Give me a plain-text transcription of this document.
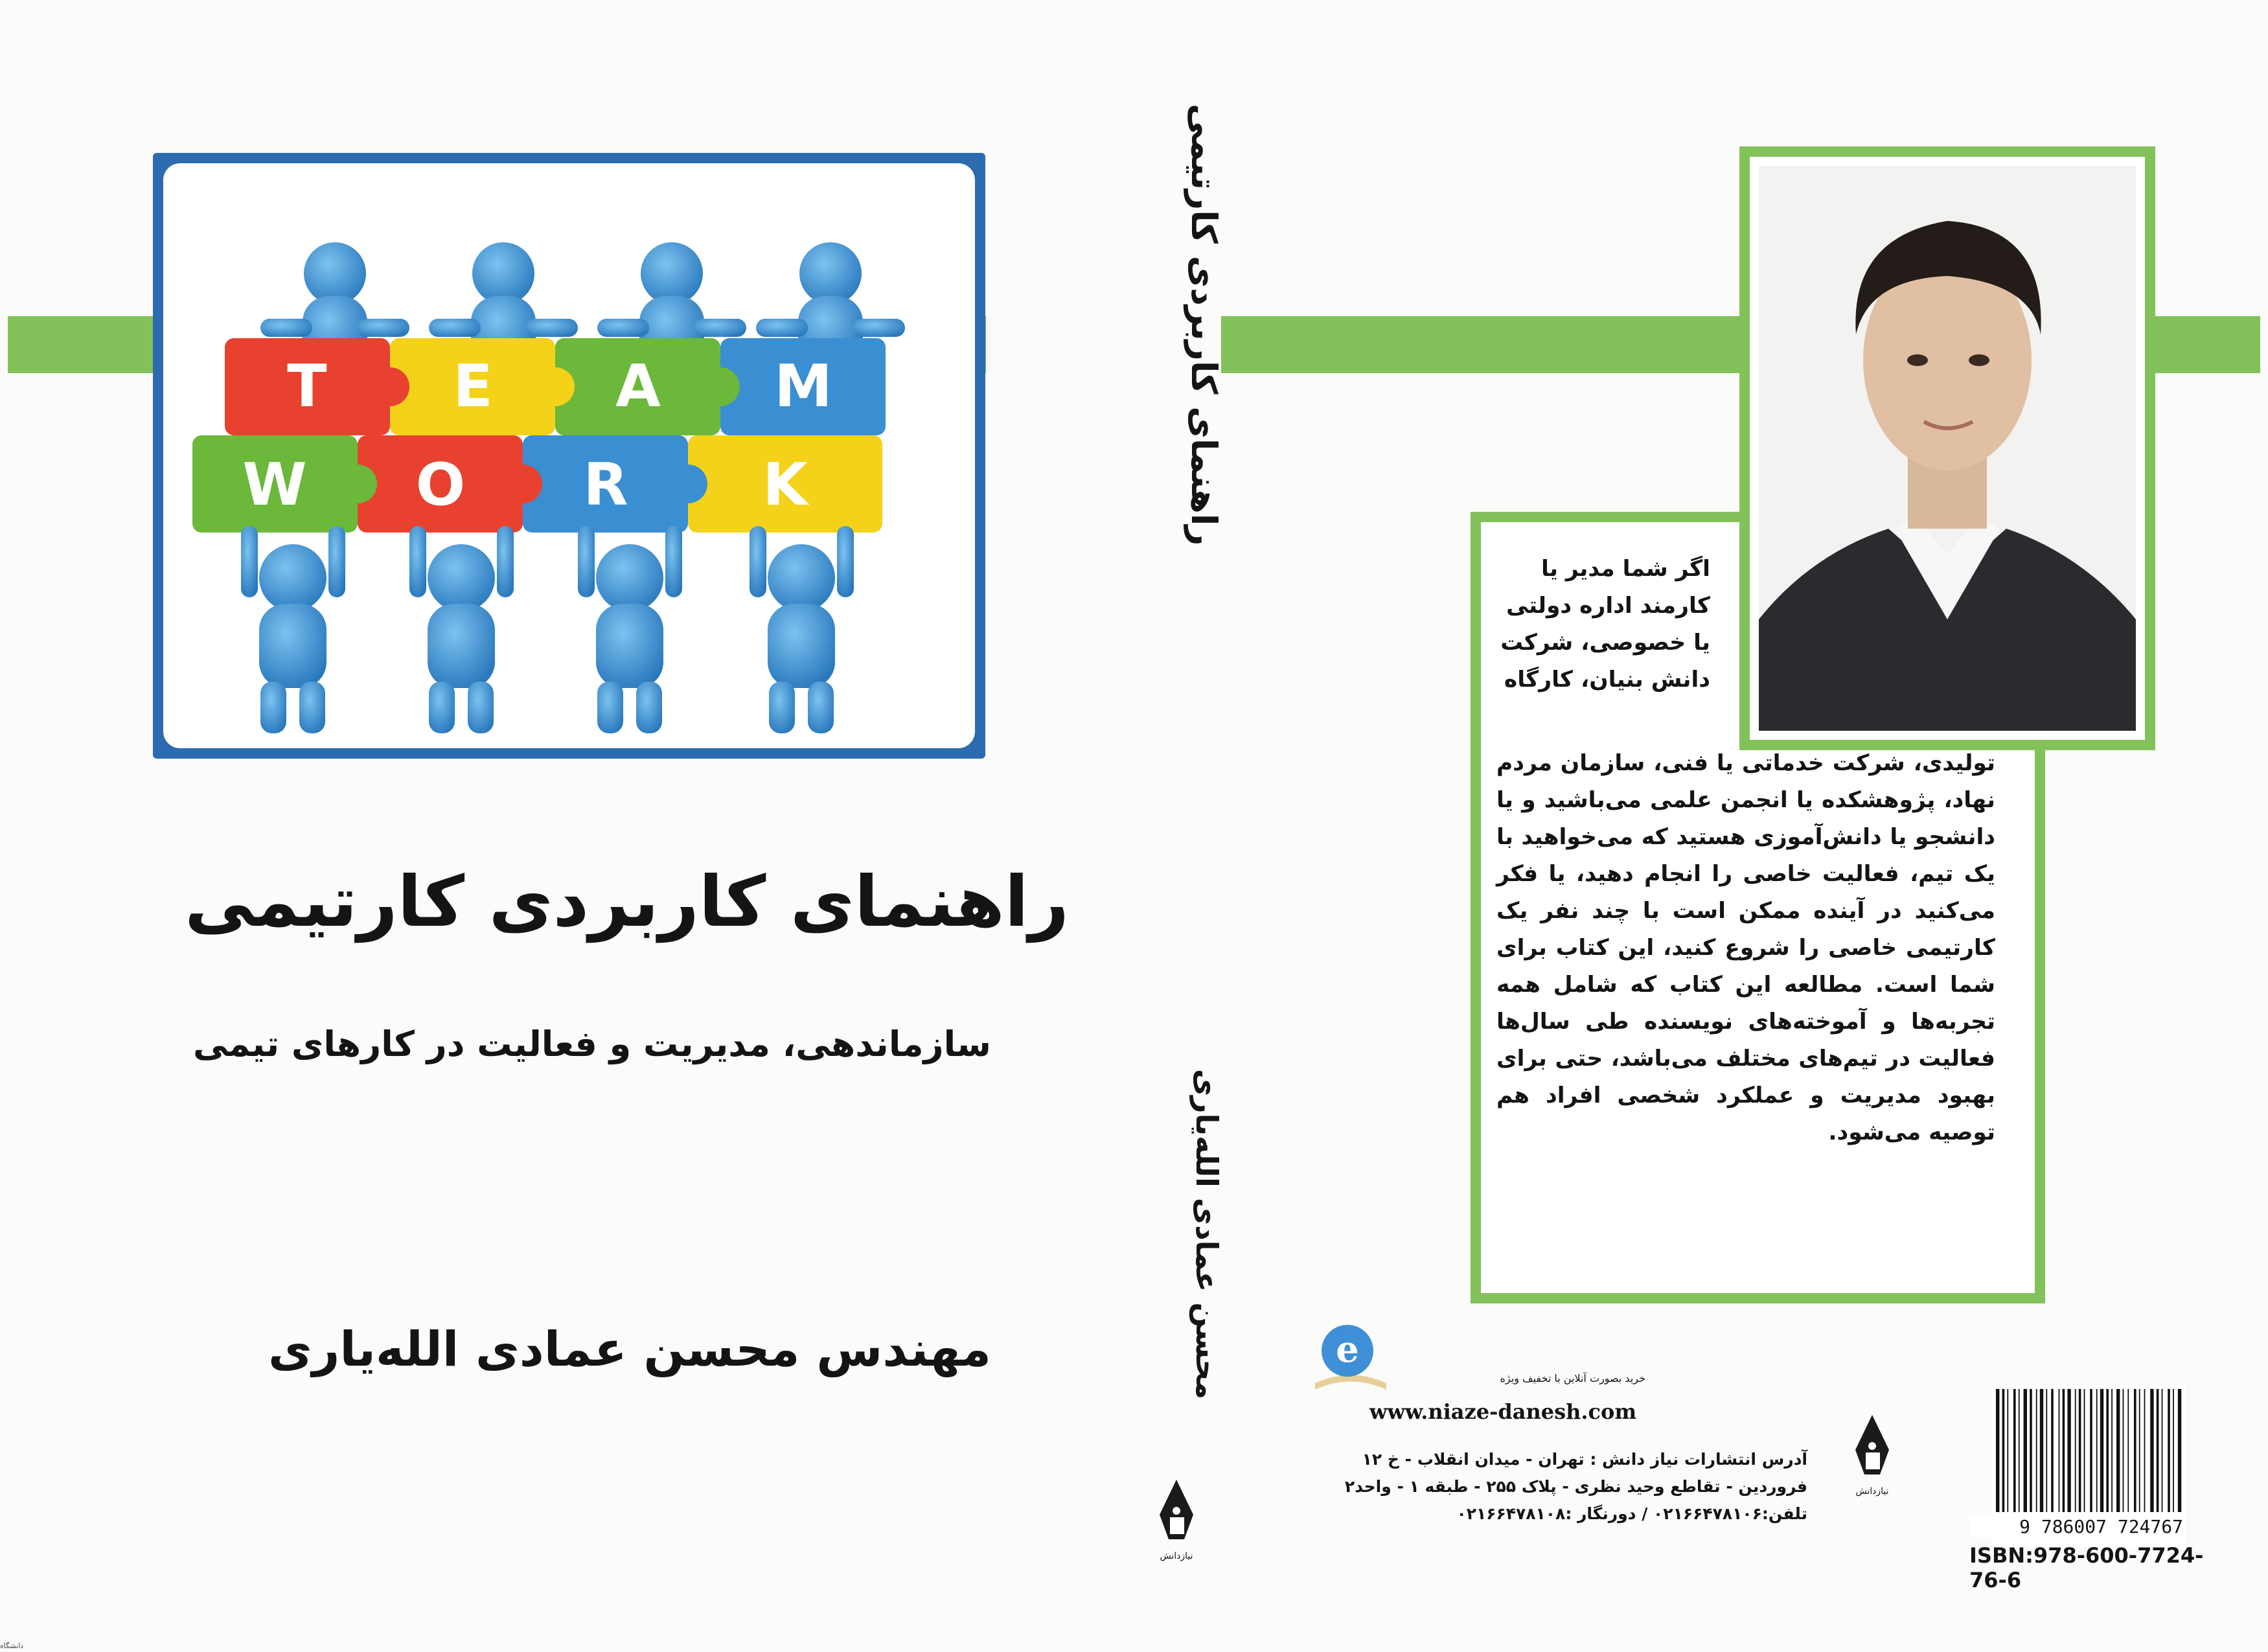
T E A M
W O R K
راهنمای کاربردی کارتیمی
سازماندهی، مدیریت و فعالیت در کارهای تیمی
مهندس محسن عمادی الله‌یاری
نیازدانش
راهنمای کاربردی کارتیمی
محسن عمادی الله‌یاری
اگر شما مدیر یا کارمند اداره دولتی یا خصوصی، شرکت دانش بنیان، کارگاه
تولیدی، شرکت خدماتی یا فنی، سازمان مردم نهاد، پژوهشکده یا انجمن علمی می‌باشید و یا دانشجو یا دانش‌آموزی هستید که می‌خواهید با یک تیم، فعالیت خاصی را انجام دهید، یا فکر می‌کنید در آینده ممکن است با چند نفر یک کارتیمی خاصی را شروع کنید، این کتاب برای شما است. مطالعه این کتاب که شامل همه تجربه‌ها و آموخته‌های نویسنده طی سال‌ها فعالیت در تیم‌های مختلف می‌باشد، حتی برای بهبود مدیریت و عملکرد شخصی افراد هم توصیه می‌شود.
e
خرید بصورت آنلاین با تخفیف ویژه
www.niaze-danesh.com
آدرس انتشارات نیاز دانش : تهران - میدان انقلاب - خ ۱۲
فروردین - تقاطع وحید نظری - پلاک ۲۵۵ - طبقه ۱ - واحد۲
تلفن:۰۲۱۶۶۴۷۸۱۰۶ / دورنگار :۰۲۱۶۶۴۷۸۱۰۸
نیازدانش
9 786007 724767
ISBN:978-600-7724-76-6
دانشگاه
